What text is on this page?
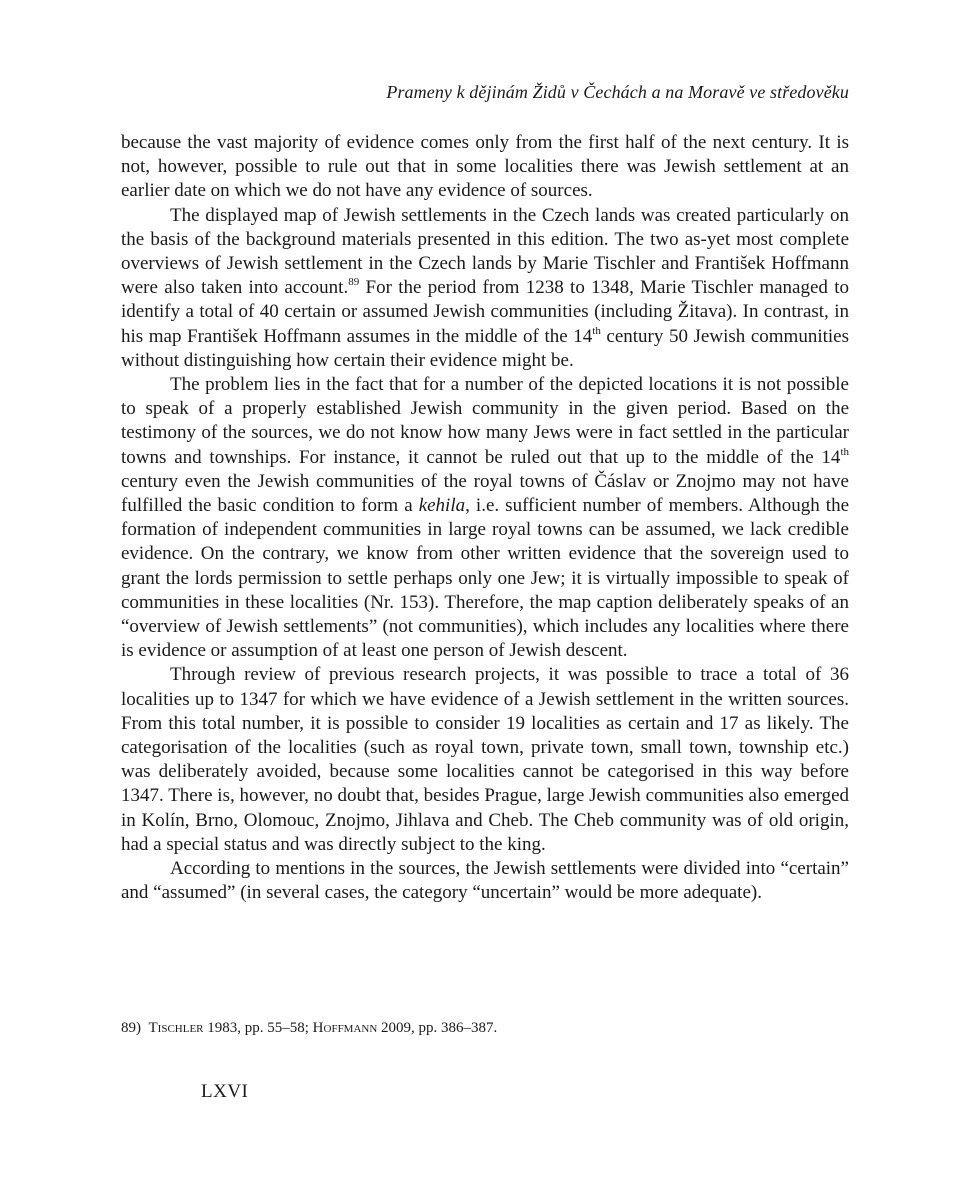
Prameny k dějinám Židů v Čechách a na Moravě ve středověku

because the vast majority of evidence comes only from the first half of the next century. It is not, however, possible to rule out that in some localities there was Jewish settlement at an earlier date on which we do not have any evidence of sources.

The displayed map of Jewish settlements in the Czech lands was created particularly on the basis of the background materials presented in this edition. The two as-yet most complete overviews of Jewish settlement in the Czech lands by Marie Tischler and František Hoffmann were also taken into account.$^{89}$ For the period from 1238 to 1348, Marie Tischler managed to identify a total of 40 certain or assumed Jewish communities (including Žitava). In contrast, in his map František Hoffmann assumes in the middle of the 14th century 50 Jewish communities without distinguishing how certain their evidence might be.

The problem lies in the fact that for a number of the depicted locations it is not possible to speak of a properly established Jewish community in the given period. Based on the testimony of the sources, we do not know how many Jews were in fact settled in the particular towns and townships. For instance, it cannot be ruled out that up to the middle of the 14th century even the Jewish communities of the royal towns of Čáslav or Znojmo may not have fulfilled the basic condition to form a kehila, i.e. sufficient number of members. Although the formation of independent communities in large royal towns can be assumed, we lack credible evidence. On the contrary, we know from other written evidence that the sovereign used to grant the lords permission to settle perhaps only one Jew; it is virtually impossible to speak of communities in these localities (Nr. 153). Therefore, the map caption deliberately speaks of an “overview of Jewish settlements” (not communities), which includes any localities where there is evidence or assumption of at least one person of Jewish descent.

Through review of previous research projects, it was possible to trace a total of 36 localities up to 1347 for which we have evidence of a Jewish settlement in the written sources. From this total number, it is possible to consider 19 localities as certain and 17 as likely. The categorisation of the localities (such as royal town, private town, small town, township etc.) was deliberately avoided, because some localities cannot be categorised in this way before 1347. There is, however, no doubt that, besides Prague, large Jewish communities also emerged in Kolín, Brno, Olomouc, Znojmo, Jihlava and Cheb. The Cheb community was of old origin, had a special status and was directly subject to the king.

According to mentions in the sources, the Jewish settlements were divided into “certain” and “assumed” (in several cases, the category “uncertain” would be more adequate).

89) Tischler 1983, pp. 55–58; Hoffmann 2009, pp. 386–387.
LXVI
